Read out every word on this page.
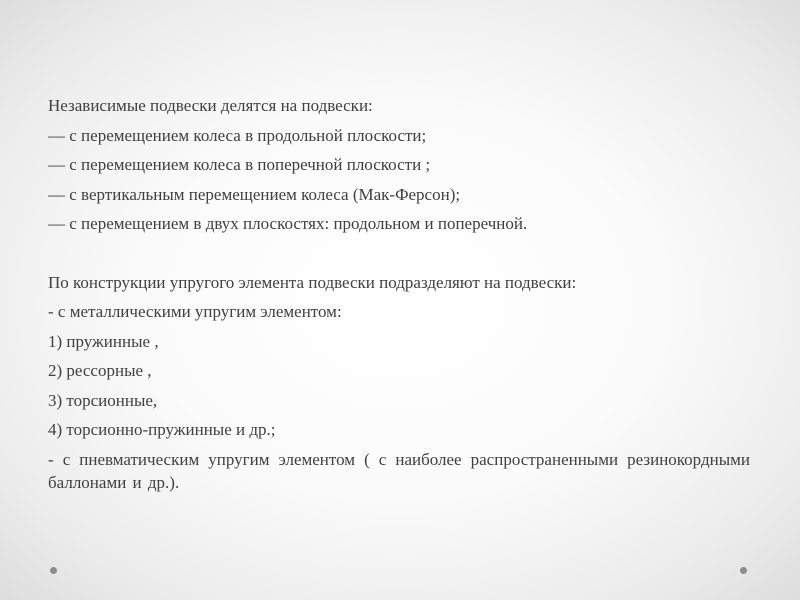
Независимые подвески делятся на подвески:
— с перемещением колеса в продольной плоскости;
— с перемещением колеса в поперечной плоскости ;
— с вертикальным перемещением колеса (Мак-Ферсон);
— с перемещением в двух плоскостях: продольном и поперечной.
По конструкции упругого элемента подвески подразделяют на подвески:
- с металлическими упругим элементом:
1) пружинные ,
2) рессорные ,
3) торсионные,
4) торсионно-пружинные и др.;
- с пневматическим упругим элементом ( с наиболее распространенными резинокордными баллонами и др.).
